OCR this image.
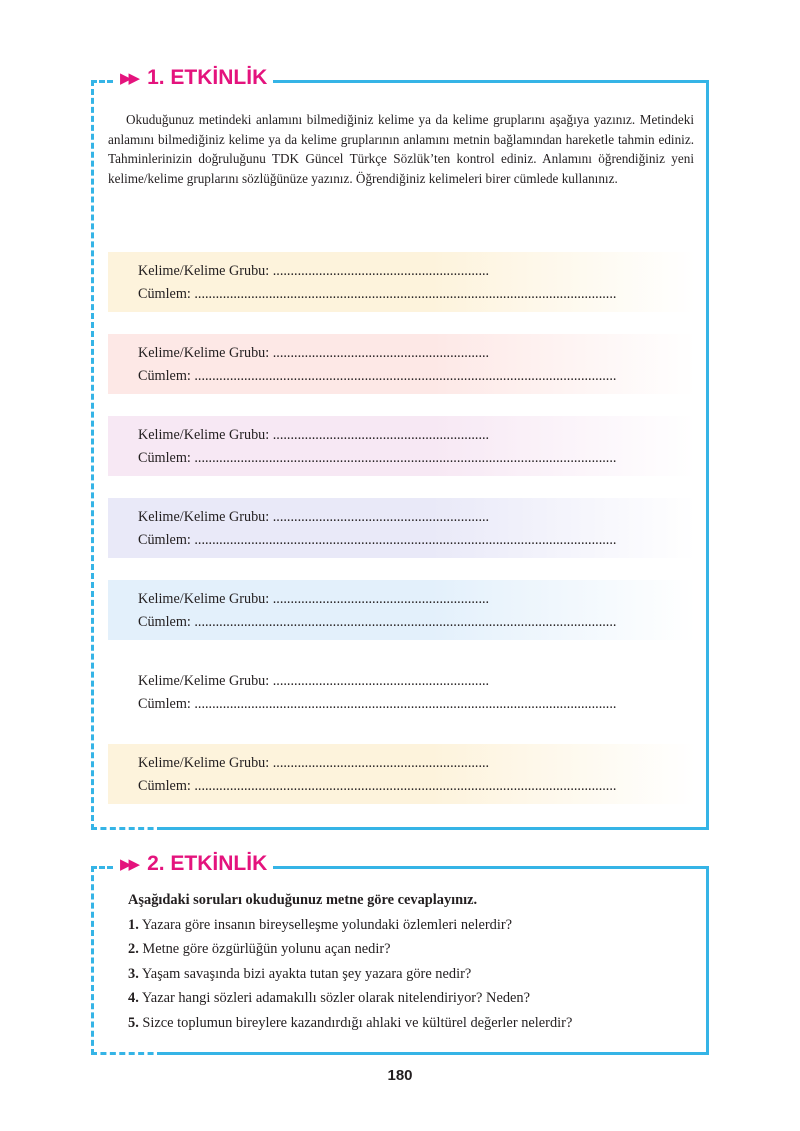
▶▶ 1. ETKİNLİK
Okuduğunuz metindeki anlamını bilmediğiniz kelime ya da kelime gruplarını aşağıya yazınız. Metindeki anlamını bilmediğiniz kelime ya da kelime gruplarının anlamını metnin bağlamından hareketle tahmin ediniz. Tahminlerinizin doğruluğunu TDK Güncel Türkçe Sözlük’ten kontrol ediniz. Anlamını öğrendiğiniz yeni kelime/kelime gruplarını sözlüğünüze yazınız. Öğrendiğiniz kelimeleri birer cümlede kullanınız.
Kelime/Kelime Grubu: .............................................................
Cümlem: .......................................................................................................................
Kelime/Kelime Grubu: .............................................................
Cümlem: .......................................................................................................................
Kelime/Kelime Grubu: .............................................................
Cümlem: .......................................................................................................................
Kelime/Kelime Grubu: .............................................................
Cümlem: .......................................................................................................................
Kelime/Kelime Grubu: .............................................................
Cümlem: .......................................................................................................................
Kelime/Kelime Grubu: .............................................................
Cümlem: .......................................................................................................................
Kelime/Kelime Grubu: .............................................................
Cümlem: .......................................................................................................................
▶▶ 2. ETKİNLİK
Aşağıdaki soruları okuduğunuz metne göre cevaplayınız.
1. Yazara göre insanın bireyselleşme yolundaki özlemleri nelerdir?
2. Metne göre özgürlüğün yolunu açan nedir?
3. Yaşam savaşında bizi ayakta tutan şey yazara göre nedir?
4. Yazar hangi sözleri adamakıllı sözler olarak nitelendiriyor? Neden?
5. Sizce toplumun bireylere kazandırdığı ahlaki ve kültürel değerler nelerdir?
180
